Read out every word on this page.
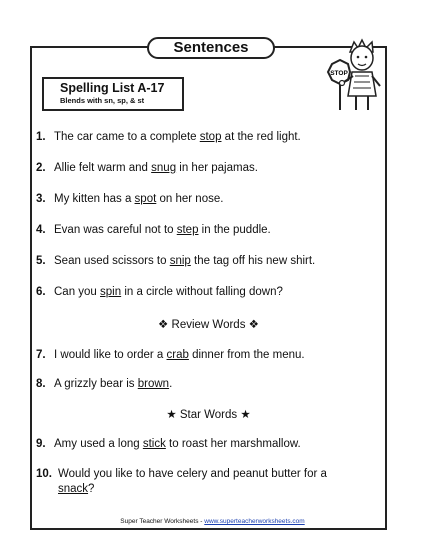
Sentences
Spelling List A-17
Blends with sn, sp, & st
STOP
1. The car came to a complete stop at the red light.
2. Allie felt warm and snug in her pajamas.
3. My kitten has a spot on her nose.
4. Evan was careful not to step in the puddle.
5. Sean used scissors to snip the tag off his new shirt.
6. Can you spin in a circle without falling down?
❖ Review Words ❖
7. I would like to order a crab dinner from the menu.
8. A grizzly bear is brown.
★ Star Words ★
9. Amy used a long stick to roast her marshmallow.
10. Would you like to have celery and peanut butter for a
snack?
Super Teacher Worksheets - www.superteacherworksheets.com
